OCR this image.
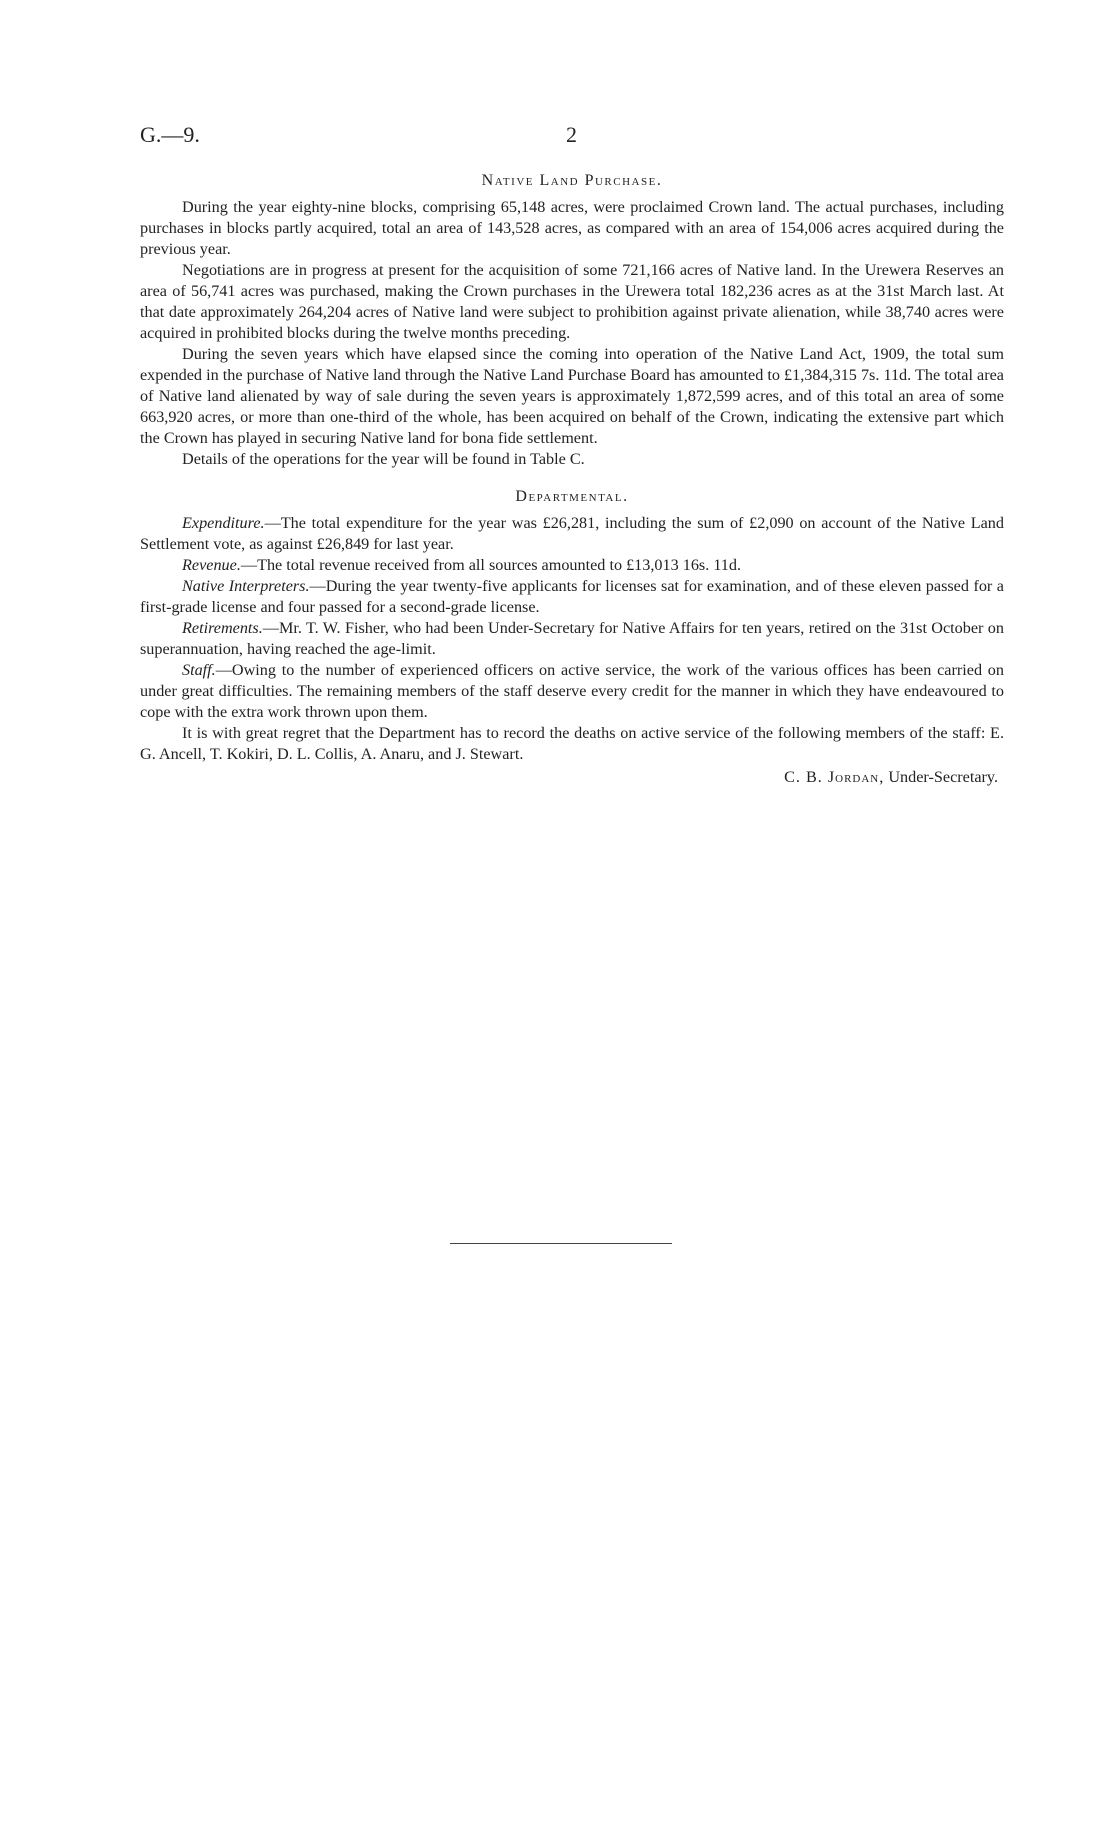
G.—9.	2
Native Land Purchase.

During the year eighty-nine blocks, comprising 65,148 acres, were proclaimed Crown land. The actual purchases, including purchases in blocks partly acquired, total an area of 143,528 acres, as compared with an area of 154,006 acres acquired during the previous year.

Negotiations are in progress at present for the acquisition of some 721,166 acres of Native land. In the Urewera Reserves an area of 56,741 acres was purchased, making the Crown purchases in the Urewera total 182,236 acres as at the 31st March last. At that date approximately 264,204 acres of Native land were subject to prohibition against private alienation, while 38,740 acres were acquired in prohibited blocks during the twelve months preceding.

During the seven years which have elapsed since the coming into operation of the Native Land Act, 1909, the total sum expended in the purchase of Native land through the Native Land Purchase Board has amounted to £1,384,315 7s. 11d. The total area of Native land alienated by way of sale during the seven years is approximately 1,872,599 acres, and of this total an area of some 663,920 acres, or more than one-third of the whole, has been acquired on behalf of the Crown, indicating the extensive part which the Crown has played in securing Native land for bona fide settlement.

Details of the operations for the year will be found in Table C.

Departmental.

Expenditure.—The total expenditure for the year was £26,281, including the sum of £2,090 on account of the Native Land Settlement vote, as against £26,849 for last year.

Revenue.—The total revenue received from all sources amounted to £13,013 16s. 11d.

Native Interpreters.—During the year twenty-five applicants for licenses sat for examination, and of these eleven passed for a first-grade license and four passed for a second-grade license.

Retirements.—Mr. T. W. Fisher, who had been Under-Secretary for Native Affairs for ten years, retired on the 31st October on superannuation, having reached the age-limit.

Staff.—Owing to the number of experienced officers on active service, the work of the various offices has been carried on under great difficulties. The remaining members of the staff deserve every credit for the manner in which they have endeavoured to cope with the extra work thrown upon them.

It is with great regret that the Department has to record the deaths on active service of the following members of the staff: E. G. Ancell, T. Kokiri, D. L. Collis, A. Anaru, and J. Stewart.

C. B. Jordan, Under-Secretary.
